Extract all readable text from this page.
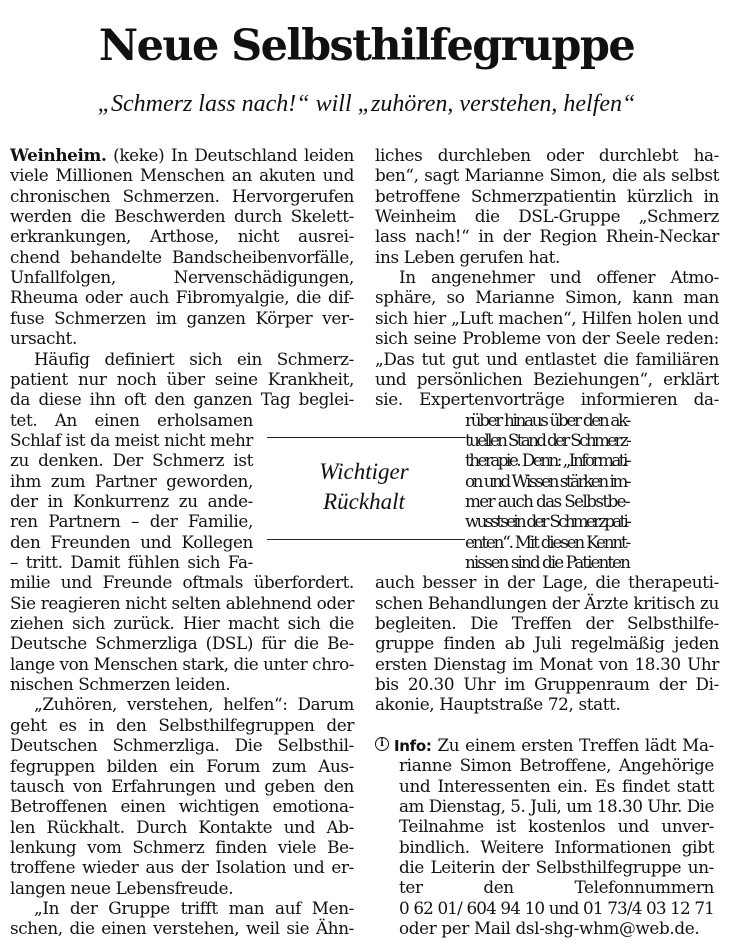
Neue Selbsthilfegruppe
„Schmerz lass nach!“ will „zuhören, verstehen, helfen“
Weinheim. (keke) In Deutschland leiden
viele Millionen Menschen an akuten und
chronischen Schmerzen. Hervorgerufen
werden die Beschwerden durch Skelett-
erkrankungen, Arthose, nicht ausrei-
chend behandelte Bandscheibenvorfälle,
Unfallfolgen, Nervenschädigungen,
Rheuma oder auch Fibromyalgie, die dif-
fuse Schmerzen im ganzen Körper ver-
ursacht.
Häufig definiert sich ein Schmerz-
patient nur noch über seine Krankheit,
da diese ihn oft den ganzen Tag beglei-
tet. An einen erholsamen
Schlaf ist da meist nicht mehr
zu denken. Der Schmerz ist
ihm zum Partner geworden,
der in Konkurrenz zu ande-
ren Partnern – der Familie,
den Freunden und Kollegen
– tritt. Damit fühlen sich Fa-
milie und Freunde oftmals überfordert.
Sie reagieren nicht selten ablehnend oder
ziehen sich zurück. Hier macht sich die
Deutsche Schmerzliga (DSL) für die Be-
lange von Menschen stark, die unter chro-
nischen Schmerzen leiden.
„Zuhören, verstehen, helfen“: Darum
geht es in den Selbsthilfegruppen der
Deutschen Schmerzliga. Die Selbsthil-
fegruppen bilden ein Forum zum Aus-
tausch von Erfahrungen und geben den
Betroffenen einen wichtigen emotiona-
len Rückhalt. Durch Kontakte und Ab-
lenkung vom Schmerz finden viele Be-
troffene wieder aus der Isolation und er-
langen neue Lebensfreude.
„In der Gruppe trifft man auf Men-
schen, die einen verstehen, weil sie Ähn-
liches durchleben oder durchlebt ha-
ben“, sagt Marianne Simon, die als selbst
betroffene Schmerzpatientin kürzlich in
Weinheim die DSL-Gruppe „Schmerz
lass nach!“ in der Region Rhein-Neckar
ins Leben gerufen hat.
In angenehmer und offener Atmo-
sphäre, so Marianne Simon, kann man
sich hier „Luft machen“, Hilfen holen und
sich seine Probleme von der Seele reden:
„Das tut gut und entlastet die familiären
und persönlichen Beziehungen“, erklärt
sie. Expertenvorträge informieren da-
rüber hinaus über den ak-
tuellen Stand der Schmerz-
therapie. Denn: „Informati-
on und Wissen stärken im-
mer auch das Selbstbe-
wusstsein der Schmerzpati-
enten“. Mit diesen Kennt-
nissen sind die Patienten
auch besser in der Lage, die therapeuti-
schen Behandlungen der Ärzte kritisch zu
begleiten. Die Treffen der Selbsthilfe-
gruppe finden ab Juli regelmäßig jeden
ersten Dienstag im Monat von 18.30 Uhr
bis 20.30 Uhr im Gruppenraum der Di-
akonie, Hauptstraße 72, statt.
Wichtiger
Rückhalt
i Info: Zu einem ersten Treffen lädt Ma-
rianne Simon Betroffene, Angehörige
und Interessenten ein. Es findet statt
am Dienstag, 5. Juli, um 18.30 Uhr. Die
Teilnahme ist kostenlos und unver-
bindlich. Weitere Informationen gibt
die Leiterin der Selbsthilfegruppe un-
ter den Telefonnummern
0 62 01/ 604 94 10 und 01 73/4 03 12 71
oder per Mail dsl-shg-whm@web.de.
